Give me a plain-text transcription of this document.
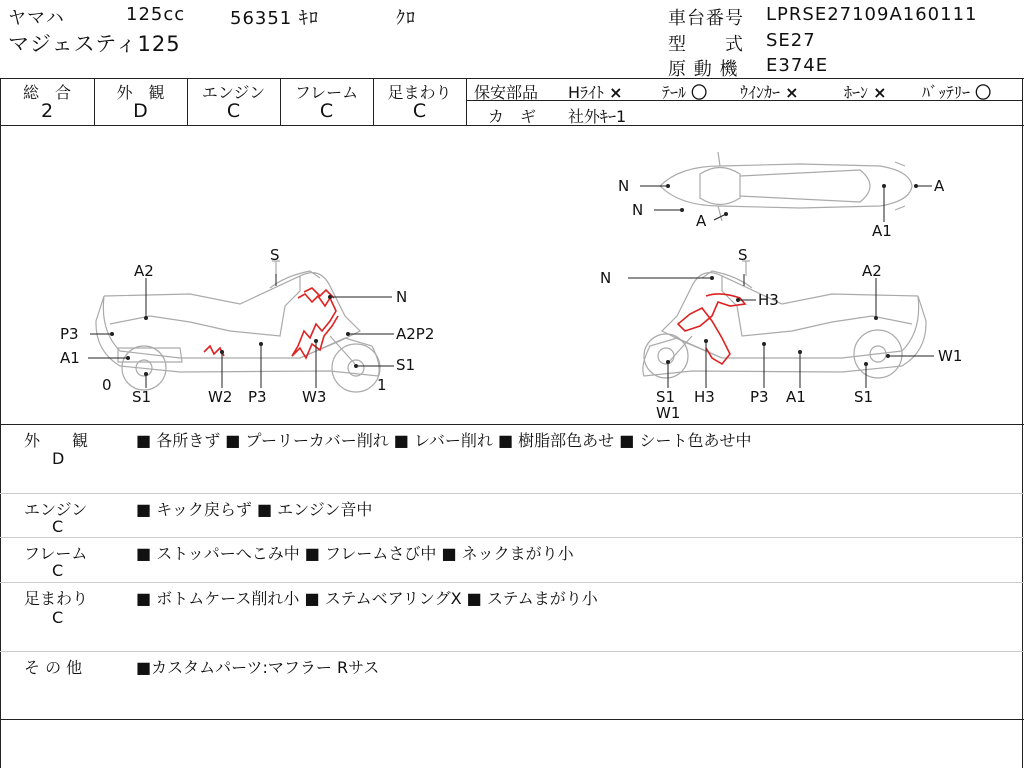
ヤマハ	125cc 56351 ｷﾛ	ｸﾛ
マジェスティ125
車台番号 LPRSE27109A160111
型　　式 SE27
原 動 機 E374E
総　合
2
外　観
D
エンジン
C
フレーム
C
足まわり
C
保安部品 Hﾗｲﾄ × ﾃｰﾙ 〇 ｳｲﾝｶｰ ×	ﾎｰﾝ × ﾊﾞｯﾃﾘｰ 〇
カ　ギ 社外ｷｰ1
S
A2
N
P3	A2P2
A1	S1
0	1
S1	W2 P3 W3
N
S
A2
H3
W1
S1
W1
H3 P3 A1	S1
N
N
A
A
A1
外　　観
D
■ 各所きず ■ プーリーカバー削れ ■ レバー削れ ■ 樹脂部色あせ ■ シート色あせ中
エンジン
C
■ キック戻らず ■ エンジン音中
フレーム
C
■ ストッパーへこみ中 ■ フレームさび中 ■ ネックまがり小
足まわり
C
■ ボトムケース削れ小 ■ ステムベアリングX ■ ステムまがり小
そ の 他	■カスタムパーツ:マフラー Rサス
